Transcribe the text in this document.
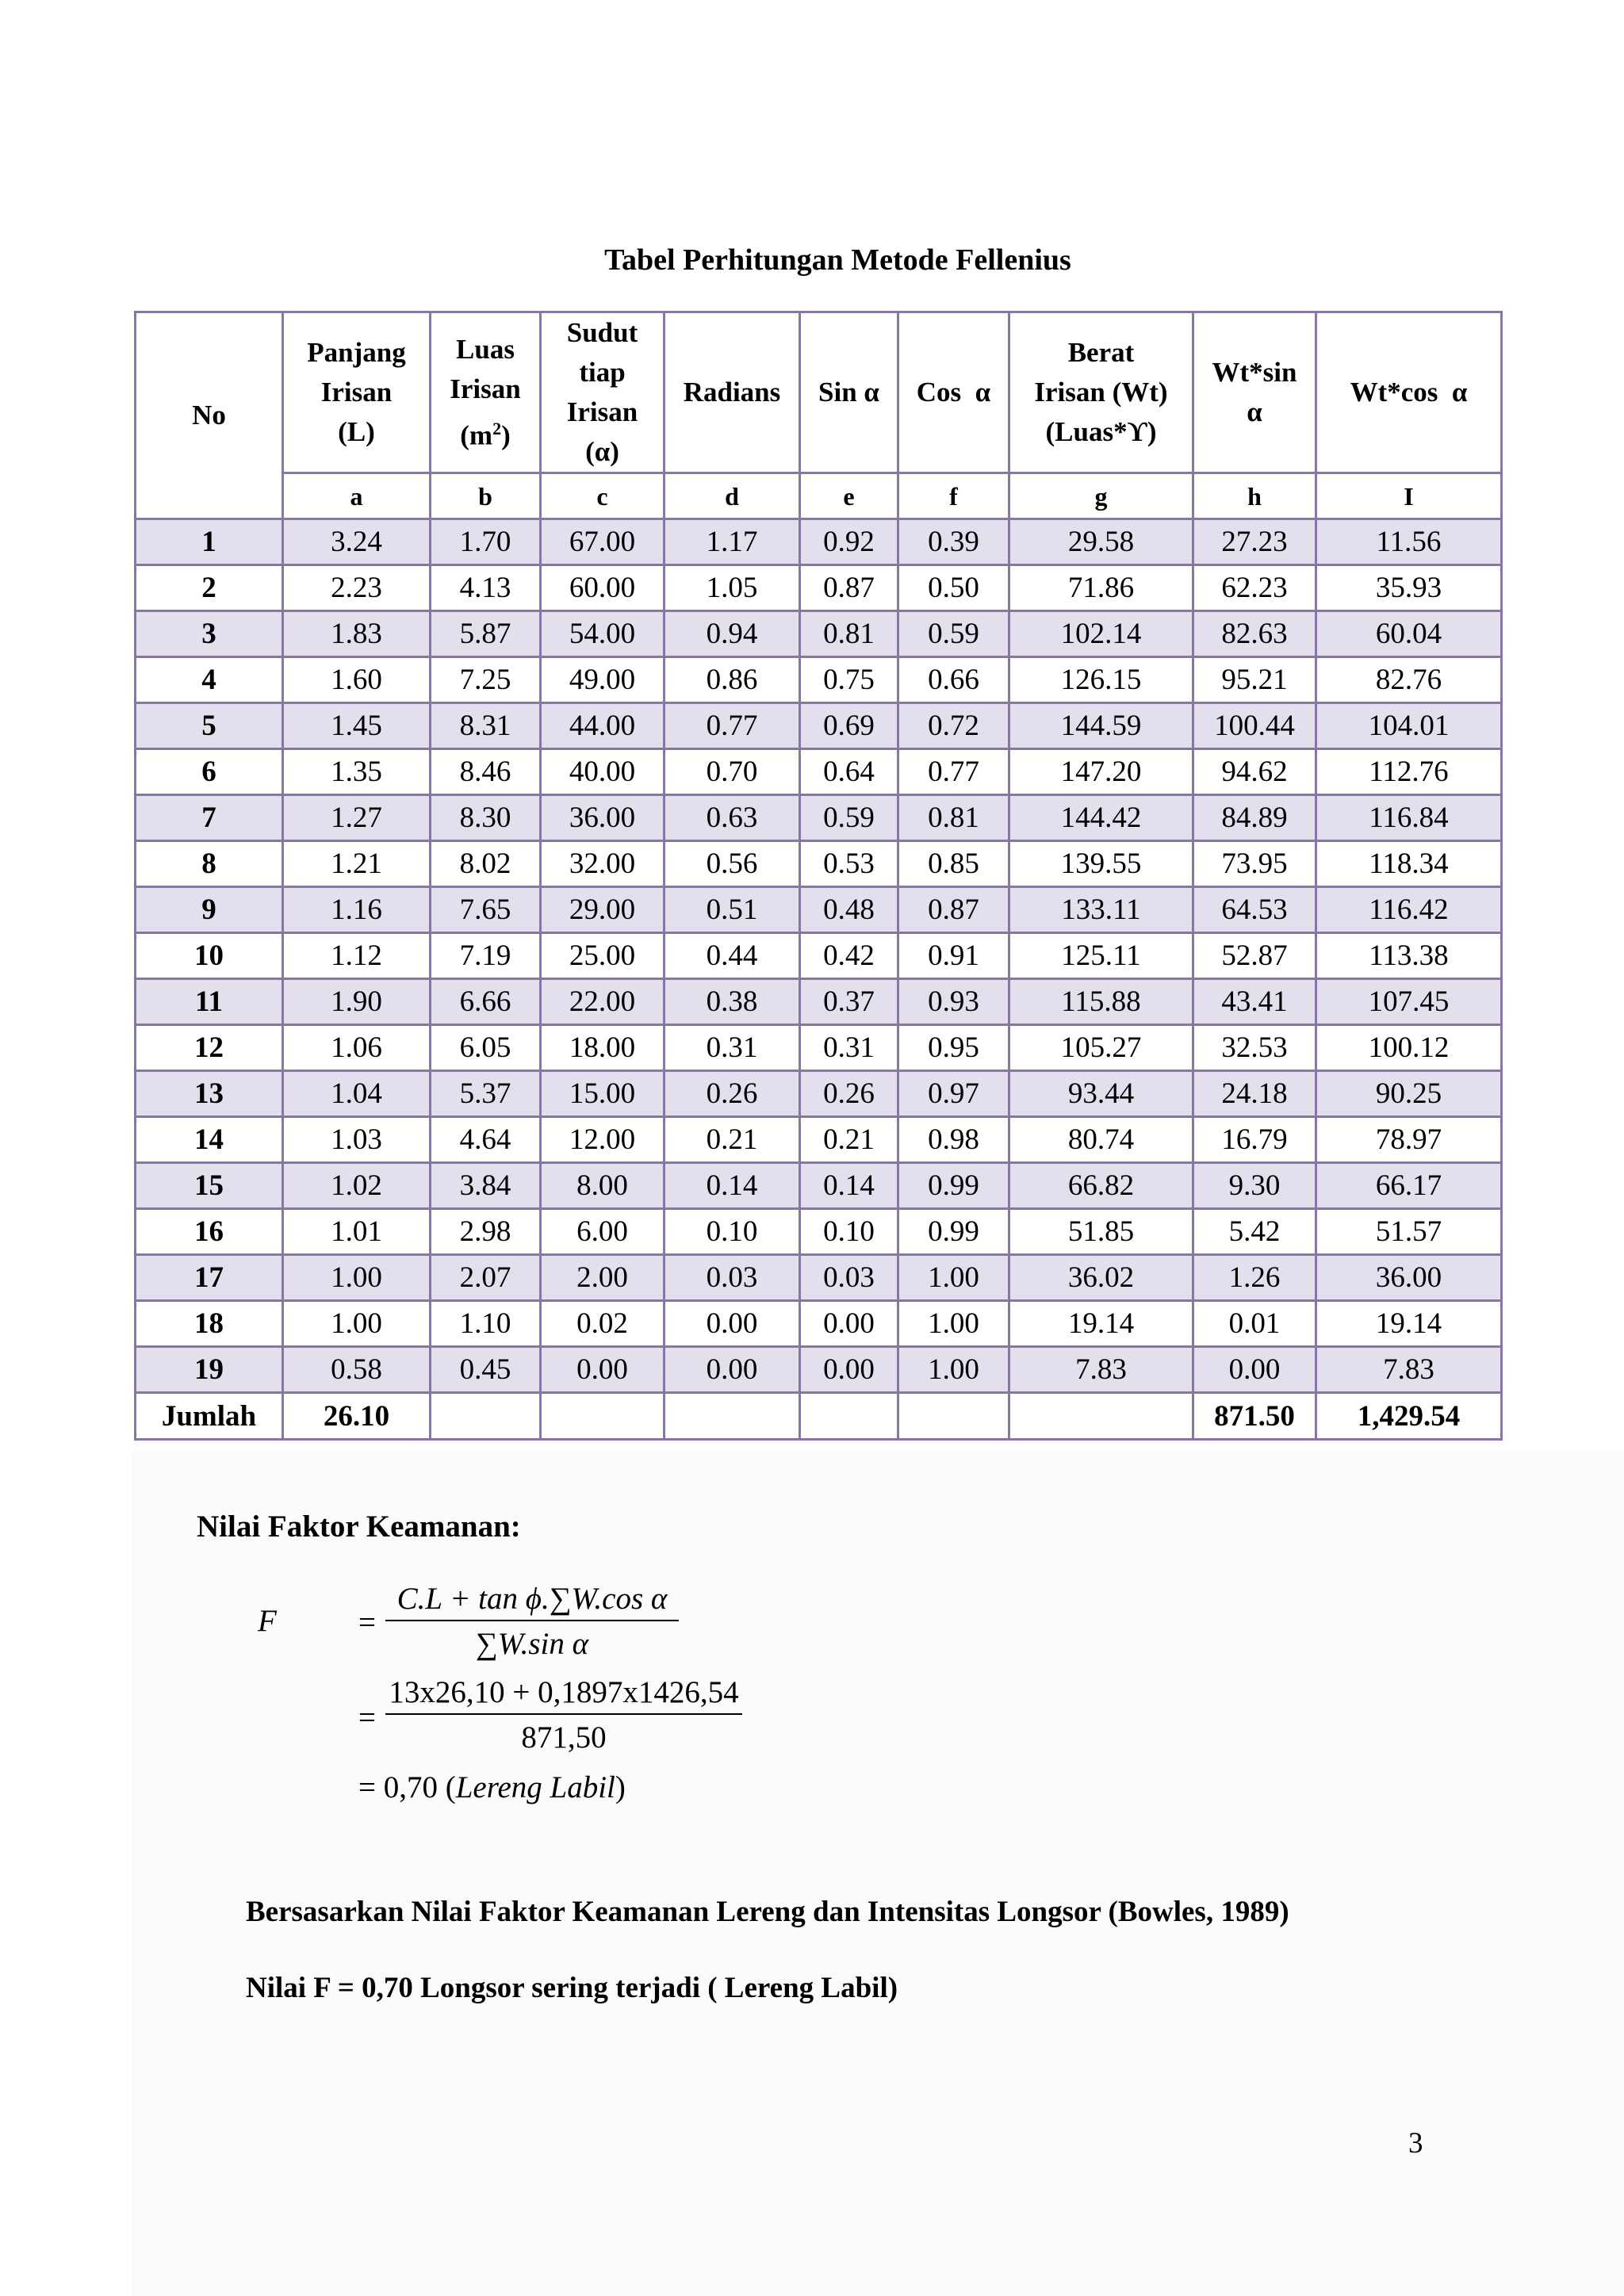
Tabel Perhitungan Metode Fellenius
No	Panjang
Irisan
(L)	Luas
Irisan
$(m^2)$	Sudut
tiap
Irisan
(α)	Radians	Sin α	Cos  α	Berat
Irisan (Wt)
(Luas*ϒ)	Wt*sin
α	Wt*cos  α
	a	b	c	d	e	f	g	h	I
1	3.24	1.70	67.00	1.17	0.92	0.39	29.58	27.23	11.56
2	2.23	4.13	60.00	1.05	0.87	0.50	71.86	62.23	35.93
3	1.83	5.87	54.00	0.94	0.81	0.59	102.14	82.63	60.04
4	1.60	7.25	49.00	0.86	0.75	0.66	126.15	95.21	82.76
5	1.45	8.31	44.00	0.77	0.69	0.72	144.59	100.44	104.01
6	1.35	8.46	40.00	0.70	0.64	0.77	147.20	94.62	112.76
7	1.27	8.30	36.00	0.63	0.59	0.81	144.42	84.89	116.84
8	1.21	8.02	32.00	0.56	0.53	0.85	139.55	73.95	118.34
9	1.16	7.65	29.00	0.51	0.48	0.87	133.11	64.53	116.42
10	1.12	7.19	25.00	0.44	0.42	0.91	125.11	52.87	113.38
11	1.90	6.66	22.00	0.38	0.37	0.93	115.88	43.41	107.45
12	1.06	6.05	18.00	0.31	0.31	0.95	105.27	32.53	100.12
13	1.04	5.37	15.00	0.26	0.26	0.97	93.44	24.18	90.25
14	1.03	4.64	12.00	0.21	0.21	0.98	80.74	16.79	78.97
15	1.02	3.84	8.00	0.14	0.14	0.99	66.82	9.30	66.17
16	1.01	2.98	6.00	0.10	0.10	0.99	51.85	5.42	51.57
17	1.00	2.07	2.00	0.03	0.03	1.00	36.02	1.26	36.00
18	1.00	1.10	0.02	0.00	0.00	1.00	19.14	0.01	19.14
19	0.58	0.45	0.00	0.00	0.00	1.00	7.83	0.00	7.83
Jumlah	26.10							871.50	1,429.54
Nilai Faktor Keamanan:
F	=
C.L + tan ϕ.∑W.cos α
∑W.sin α
=
13x26,10 + 0,1897x1426,54
871,50
= 0,70 (Lereng Labil)
Bersasarkan Nilai Faktor Keamanan Lereng dan Intensitas Longsor (Bowles, 1989)
Nilai F = 0,70 Longsor sering terjadi ( Lereng Labil)
3
